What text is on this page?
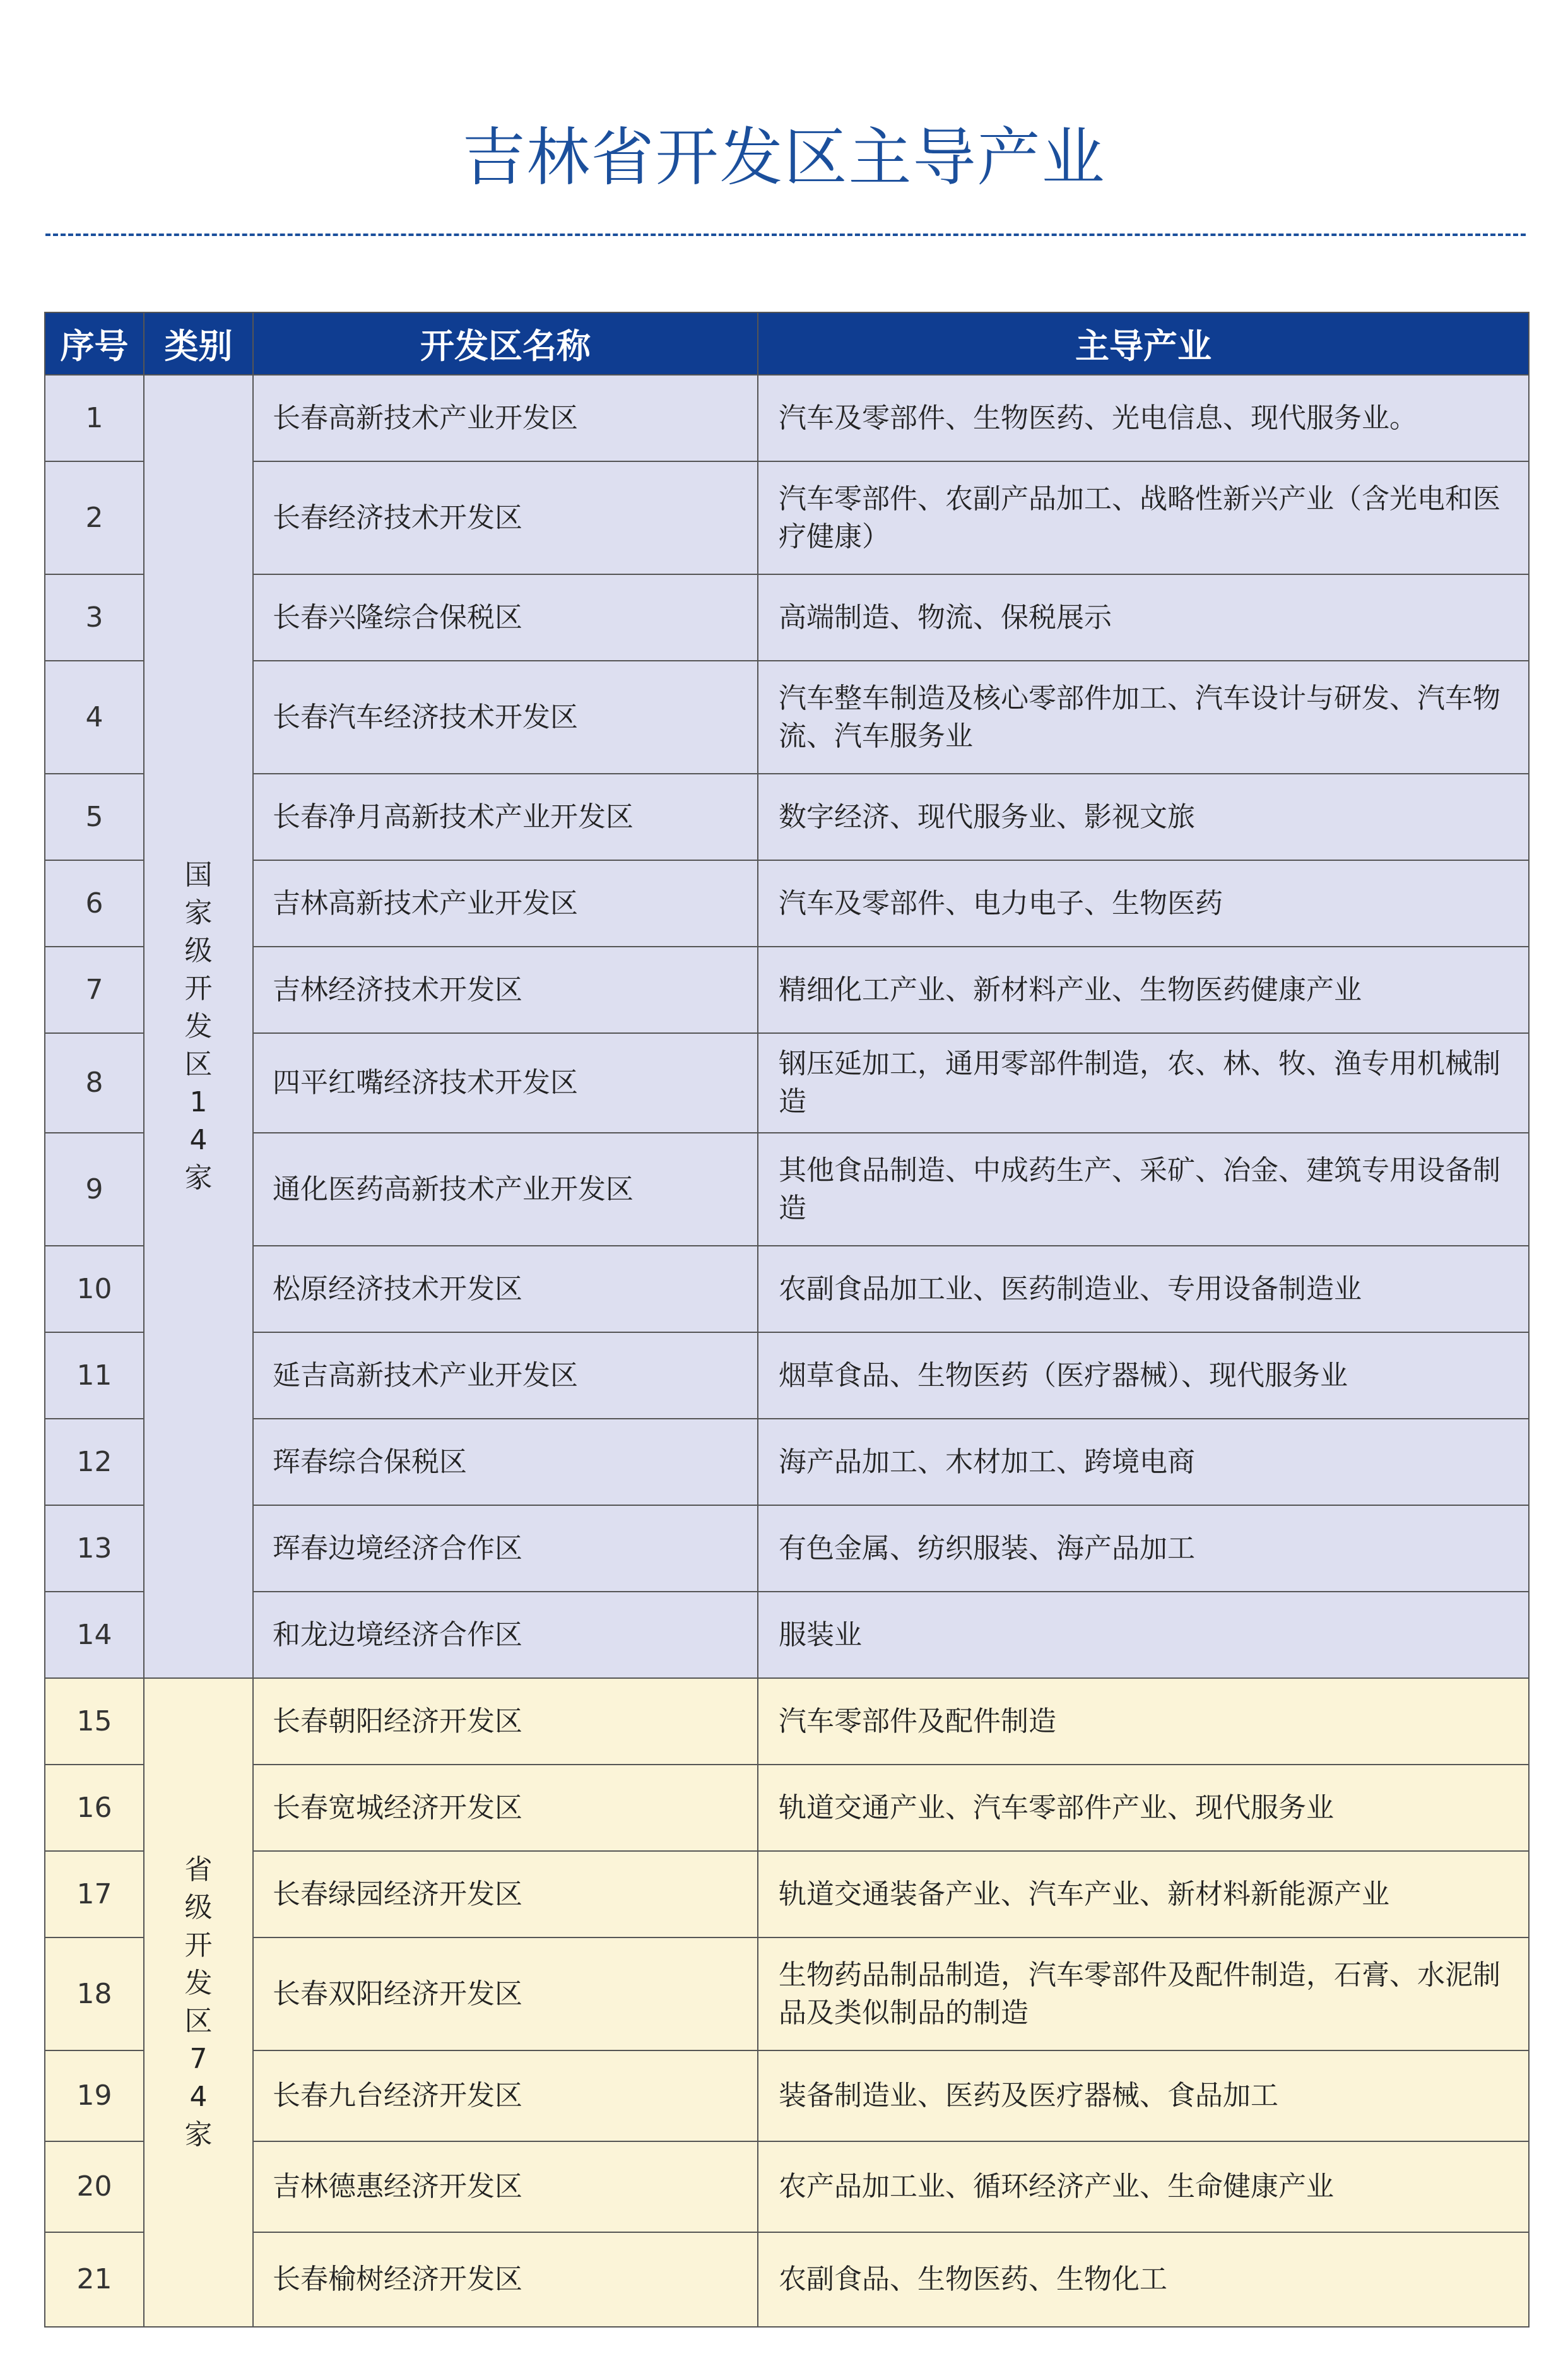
吉林省开发区主导产业
序号	类别	开发区名称	主导产业
1	国家级开发区14家	长春高新技术产业开发区	汽车及零部件、生物医药、光电信息、现代服务业。
2		长春经济技术开发区	汽车零部件、农副产品加工、战略性新兴产业（含光电和医疗健康）
3		长春兴隆综合保税区	高端制造、物流、保税展示
4		长春汽车经济技术开发区	汽车整车制造及核心零部件加工、汽车设计与研发、汽车物流、汽车服务业
5		长春净月高新技术产业开发区	数字经济、现代服务业、影视文旅
6		吉林高新技术产业开发区	汽车及零部件、电力电子、生物医药
7		吉林经济技术开发区	精细化工产业、新材料产业、生物医药健康产业
8		四平红嘴经济技术开发区	钢压延加工，通用零部件制造，农、林、牧、渔专用机械制造
9		通化医药高新技术产业开发区	其他食品制造、中成药生产、采矿、冶金、建筑专用设备制造
10		松原经济技术开发区	农副食品加工业、医药制造业、专用设备制造业
11		延吉高新技术产业开发区	烟草食品、生物医药（医疗器械）、现代服务业
12		珲春综合保税区	海产品加工、木材加工、跨境电商
13		珲春边境经济合作区	有色金属、纺织服装、海产品加工
14		和龙边境经济合作区	服装业
15	省级开发区74家	长春朝阳经济开发区	汽车零部件及配件制造
16		长春宽城经济开发区	轨道交通产业、汽车零部件产业、现代服务业
17		长春绿园经济开发区	轨道交通装备产业、汽车产业、新材料新能源产业
18		长春双阳经济开发区	生物药品制品制造，汽车零部件及配件制造，石膏、水泥制品及类似制品的制造
19		长春九台经济开发区	装备制造业、医药及医疗器械、食品加工
20		吉林德惠经济开发区	农产品加工业、循环经济产业、生命健康产业
21		长春榆树经济开发区	农副食品、生物医药、生物化工
